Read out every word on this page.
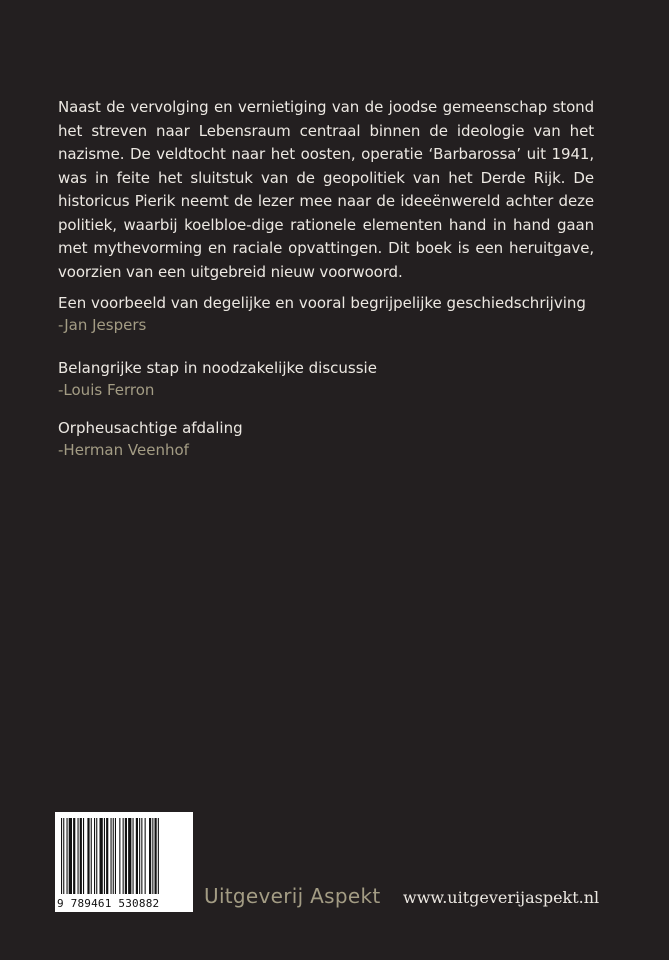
Naast de vervolging en vernietiging van de joodse gemeenschap stond het streven naar Lebensraum centraal binnen de ideologie van het nazisme. De veldtocht naar het oosten, operatie ‘Barbarossa’ uit 1941, was in feite het sluitstuk van de geopolitiek van het Derde Rijk. De historicus Pierik neemt de lezer mee naar de ideeënwereld achter deze politiek, waarbij koelbloe-dige rationele elementen hand in hand gaan met mythevorming en raciale opvattingen. Dit boek is een heruitgave, voorzien van een uitgebreid nieuw voorwoord.
Een voorbeeld van degelijke en vooral begrijpelijke geschiedschrijving
-Jan Jespers
Belangrijke stap in noodzakelijke discussie
-Louis Ferron
Orpheusachtige afdaling
-Herman Veenhof
9 789461 530882	Uitgeverij Aspekt www.uitgeverijaspekt.nl
